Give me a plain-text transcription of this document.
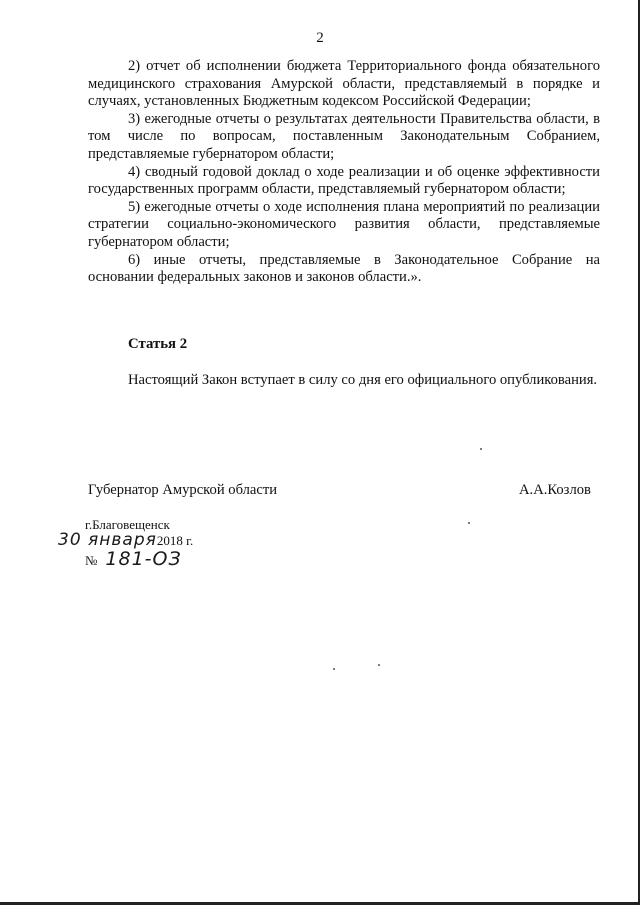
2

2) отчет об исполнении бюджета Территориального фонда обязательного медицинского страхования Амурской области, представляемый в порядке и случаях, установленных Бюджетным кодексом Российской Федерации;

3) ежегодные отчеты о результатах деятельности Правительства области, в том числе по вопросам, поставленным Законодательным Собранием, представляемые губернатором области;

4) сводный годовой доклад о ходе реализации и об оценке эффективности государственных программ области, представляемый губернатором области;

5) ежегодные отчеты о ходе исполнения плана мероприятий по реализации стратегии социально-экономического развития области, представляемые губернатором области;

6) иные отчеты, представляемые в Законодательное Собрание на основании федеральных законов и законов области.».

Статья 2

Настоящий Закон вступает в силу со дня его официального опубликования.

Губернатор Амурской области	А.А.Козлов
г.Благовещенск
30 января2018 г.
№ 181-ОЗ
